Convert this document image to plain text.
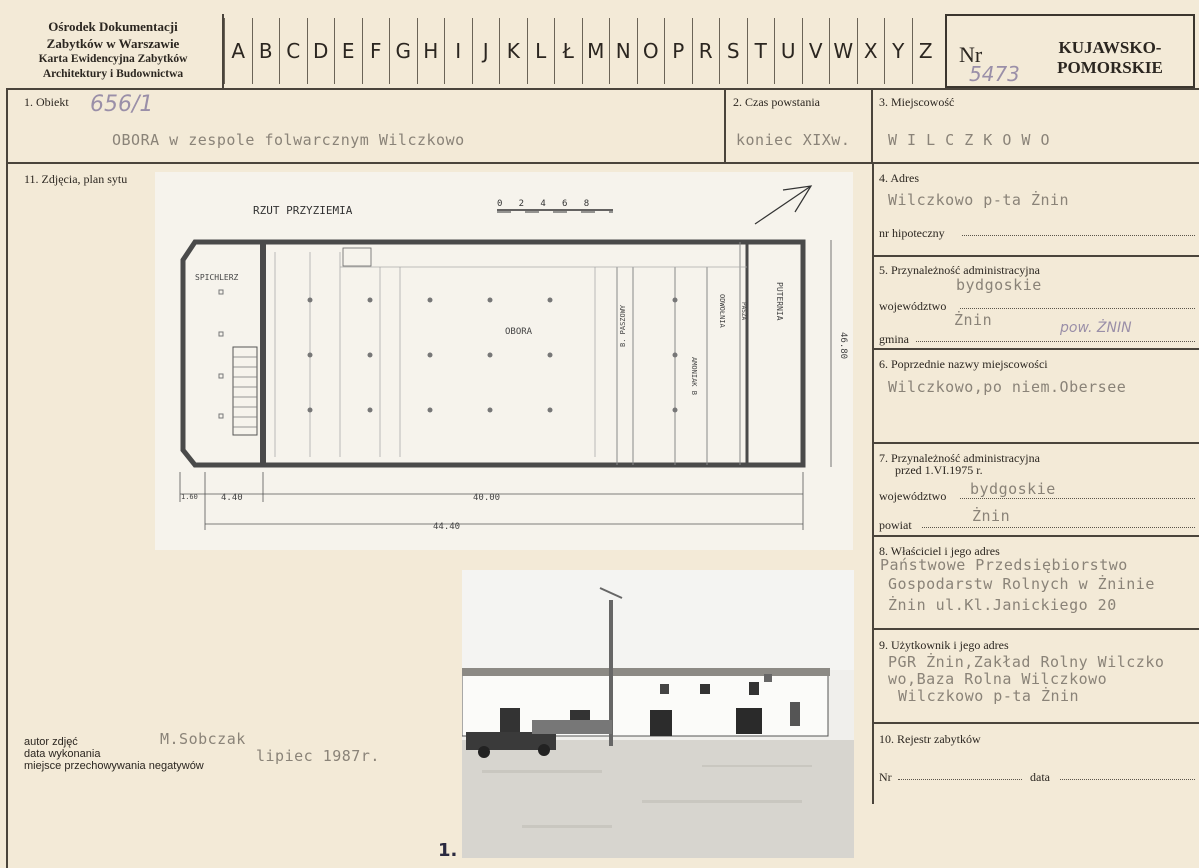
Ośrodek Dokumentacji
Zabytków w Warszawie
Karta Ewidencyjna Zabytków
Architektury i Budownictwa
A B C D E F G H I	J K L Ł M N O P R S T U V W X Y Z Nr
5473
KUJAWSKO-POMORSKIE
1. Obiekt 656/1
OBORA w zespole folwarcznym Wilczkowo
2. Czas powstania
koniec XIXw.
3. Miejscowość
W I L C Z K O W O
11. Zdjęcia, plan sytu
RZUT PRZYZIEMIA	0   2   4   6   8
SPICHLERZ
OBORA	B. PASZOWY
AMONIAK B
ODWOŁNIA PASZA	PUTERNIA
1.60	4.40	40.00
44.40
46.80
1.
autor zdjęć
data wykonania
miejsce przechowywania negatywów
M.Sobczak
lipiec 1987r.
4. Adres
Wilczkowo p-ta Żnin
nr hipoteczny
5. Przynależność administracyjna
bydgoskie
województwo
Żnin	pow. ŻNIN
gmina
6. Poprzednie nazwy miejscowości
Wilczkowo,po niem.Obersee
7. Przynależność administracyjna
przed 1.VI.1975 r.
bydgoskie
województwo
Żnin
powiat
8. Właściciel i jego adres
Państwowe Przedsiębiorstwo
Gospodarstw Rolnych w Żninie
Żnin ul.Kl.Janickiego 20
9. Użytkownik i jego adres
PGR Żnin,Zakład Rolny Wilczko
wo,Baza Rolna Wilczkowo
Wilczkowo p-ta Żnin
10. Rejestr zabytków
Nr	data
